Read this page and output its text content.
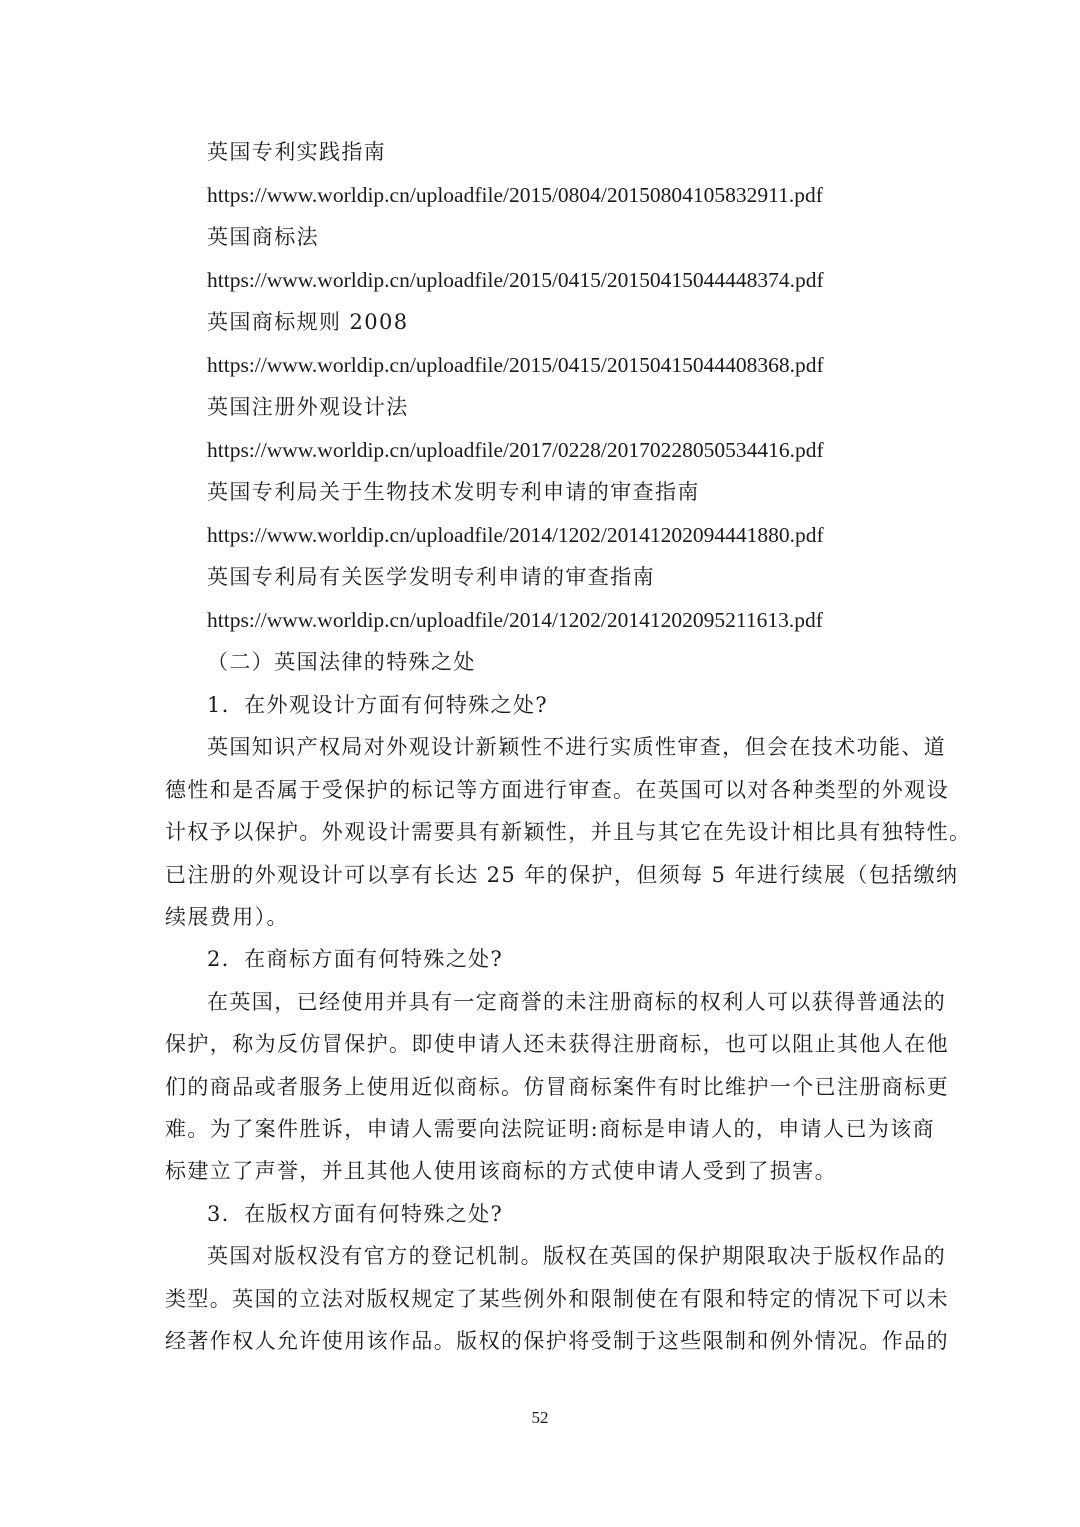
英国专利实践指南
https://www.worldip.cn/uploadfile/2015/0804/20150804105832911.pdf
英国商标法
https://www.worldip.cn/uploadfile/2015/0415/20150415044448374.pdf
英国商标规则 2008
https://www.worldip.cn/uploadfile/2015/0415/20150415044408368.pdf
英国注册外观设计法
https://www.worldip.cn/uploadfile/2017/0228/20170228050534416.pdf
英国专利局关于生物技术发明专利申请的审查指南
https://www.worldip.cn/uploadfile/2014/1202/20141202094441880.pdf
英国专利局有关医学发明专利申请的审查指南
https://www.worldip.cn/uploadfile/2014/1202/20141202095211613.pdf
（二）英国法律的特殊之处
1．在外观设计方面有何特殊之处?
英国知识产权局对外观设计新颖性不进行实质性审查，但会在技术功能、道
德性和是否属于受保护的标记等方面进行审查。在英国可以对各种类型的外观设
计权予以保护。外观设计需要具有新颖性，并且与其它在先设计相比具有独特性。
已注册的外观设计可以享有长达 25 年的保护，但须每 5 年进行续展（包括缴纳
续展费用）。
2．在商标方面有何特殊之处?
在英国，已经使用并具有一定商誉的未注册商标的权利人可以获得普通法的
保护，称为反仿冒保护。即使申请人还未获得注册商标，也可以阻止其他人在他
们的商品或者服务上使用近似商标。仿冒商标案件有时比维护一个已注册商标更
难。为了案件胜诉，申请人需要向法院证明:商标是申请人的，申请人已为该商
标建立了声誉，并且其他人使用该商标的方式使申请人受到了损害。
3．在版权方面有何特殊之处?
英国对版权没有官方的登记机制。版权在英国的保护期限取决于版权作品的
类型。英国的立法对版权规定了某些例外和限制使在有限和特定的情况下可以未
经著作权人允许使用该作品。版权的保护将受制于这些限制和例外情况。作品的
52
